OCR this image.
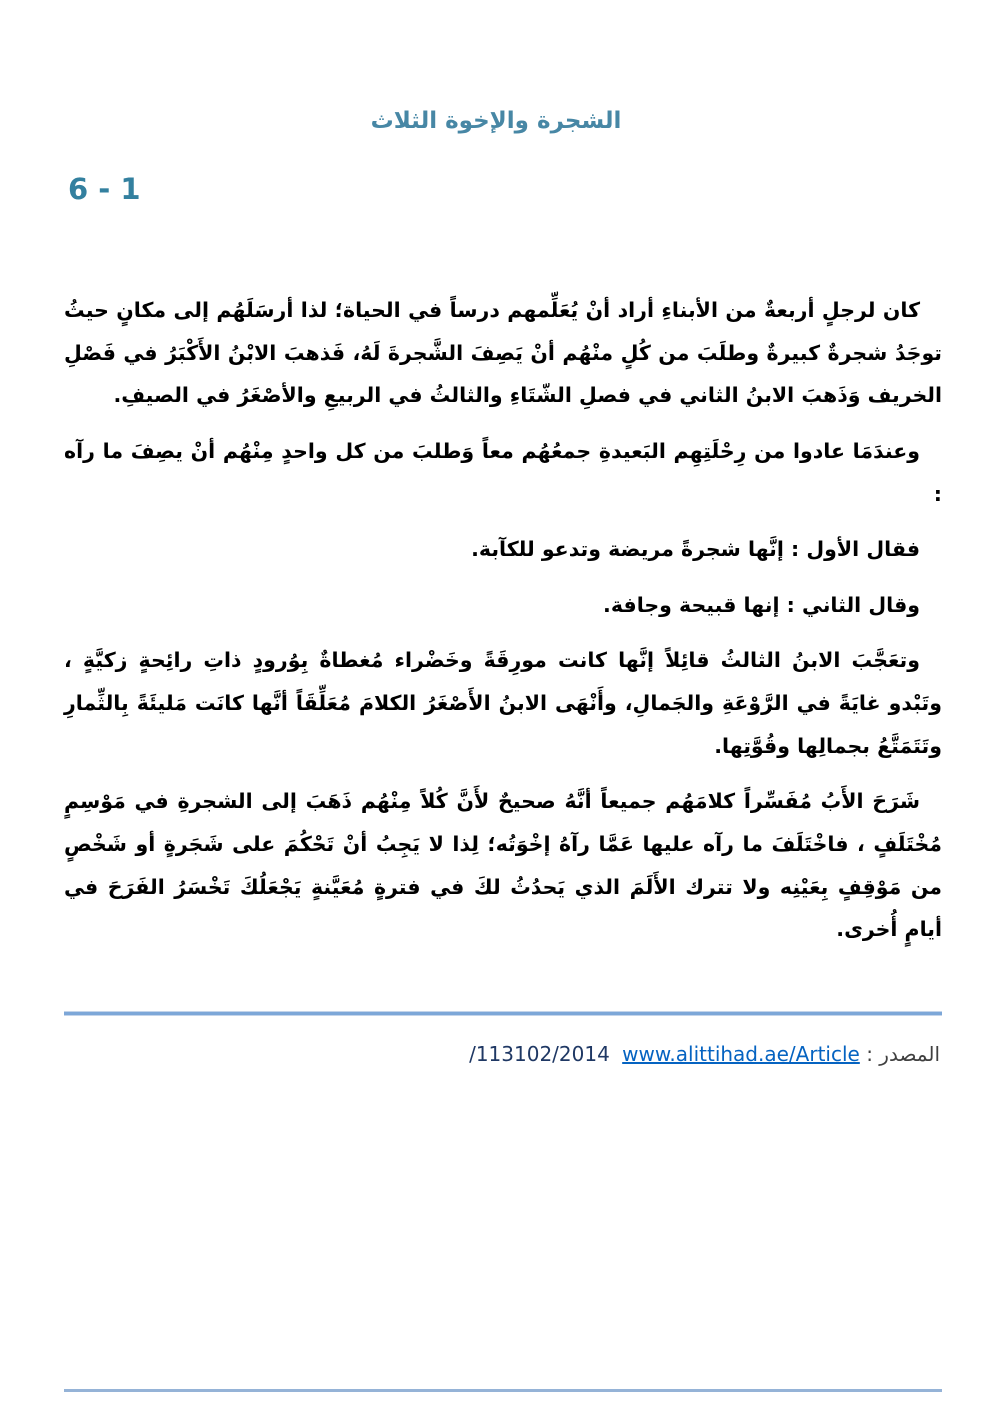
الشجرة والإخوة الثلاث
6 - 1

كان لرجلٍ أربعةٌ من الأبناءِ أراد أنْ يُعَلِّمهم درساً في الحياة؛ لذا أرسَلَهُم إلى مكانٍ حيثُ توجَدُ شجرةٌ كبيرةٌ وطلَبَ من كُلٍ منْهُم أنْ يَصِفَ الشَّجرةَ لَهُ، فَذهبَ الابْنُ الأَكْبَرُ في فَصْلِ الخريف وَذَهبَ الابنُ الثاني في فصلِ الشّتَاءِ والثالثُ في الربيعِ والأصْغَرُ في الصيفِ.

وعندَمَا عادوا من رِحْلَتِهِم البَعيدةِ جمعُهُم معاً وَطلبَ من كل واحدٍ مِنْهُم أنْ يصِفَ ما رآه :

فقال الأول : إنَّها شجرةً مريضة وتدعو للكآبة.

وقال الثاني : إنها قبيحة وجافة.

وتعَجَّبَ الابنُ الثالثُ قائِلاً إنَّها كانت مورِقَةً وخَضْراء مُغطاةٌ بِوُرودٍ ذاتِ رائِحةٍ زكيَّةٍ ، وتَبْدو غايَةً في الرَّوْعَةِ والجَمالِ، وأَنْهَى الابنُ الأَصْغَرُ الكلامَ مُعَلِّقَاً أنَّها كانَت مَليئَةً بِالثِّمارِ وتَتَمَتَّعُ بجمالِها وقُوَّتِها.

شَرَحَ الأَبُ مُفَسِّراً كلامَهُم جميعاً أنَّهُ صحيحٌ لأَنَّ كُلاً مِنْهُم ذَهَبَ إلى الشجرةِ في مَوْسِمٍ مُخْتَلَفٍ ، فاخْتَلَفَ ما رآه عليها عَمَّا رآهُ إخْوَتُه؛ لِذا لا يَجِبُ أنْ تَحْكُمَ على شَجَرةٍ أو شَخْصٍ من مَوْقِفٍ بِعَيْنِه ولا تترك الأَلَمَ الذي يَحدُثُ لكَ في فترةٍ مُعَيَّنةٍ يَجْعَلُكَ تَخْسَرُ الفَرَحَ في أيامٍ أُخرى.

المصدر : /113102/2014 www.alittihad.ae/Article
